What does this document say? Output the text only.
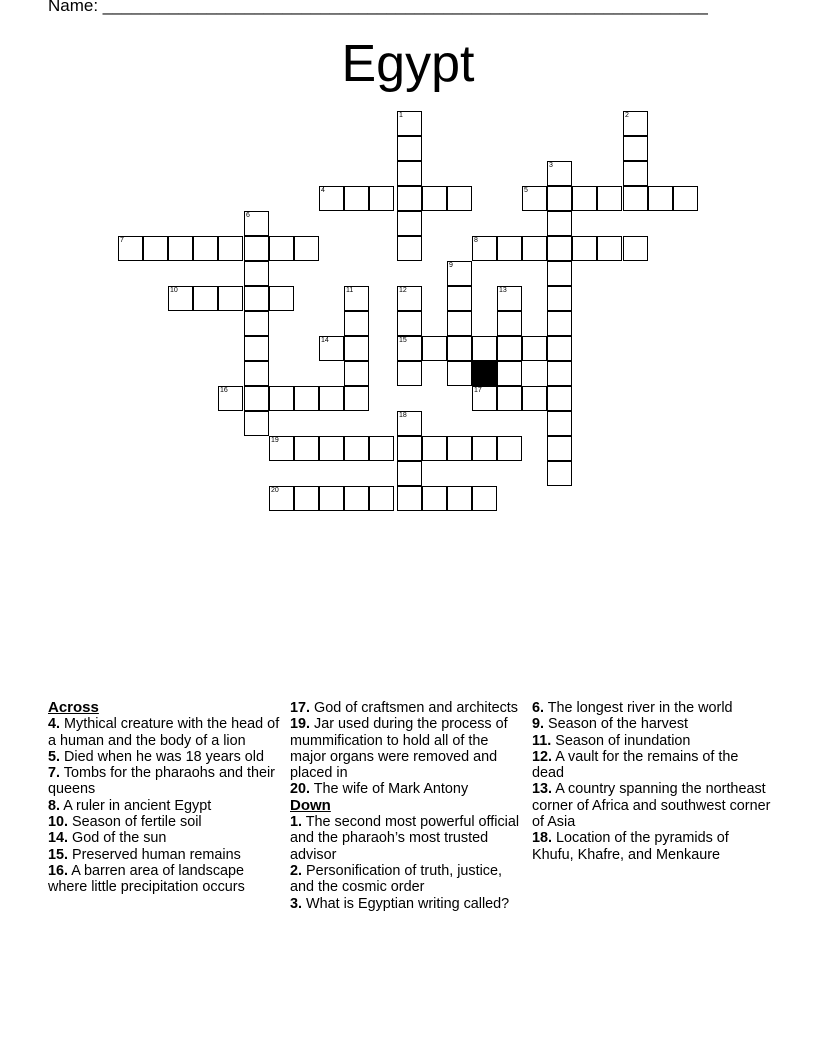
Name: ________________________________________________________________
Egypt
1	2
3
4	5
6
7	8
9
10	11	12	13
14	15
16	17
18
19
20
Across
4. Mythical creature with the head of a human and the body of a lion
5. Died when he was 18 years old
7. Tombs for the pharaohs and their queens
8. A ruler in ancient Egypt
10. Season of fertile soil
14. God of the sun
15. Preserved human remains
16. A barren area of landscape where little precipitation occurs
17. God of craftsmen and architects
19. Jar used during the process of mummification to hold all of the major organs were removed and placed in
20. The wife of Mark Antony
Down
1. The second most powerful official and the pharaoh’s most trusted advisor
2. Personification of truth, justice, and the cosmic order
3. What is Egyptian writing called?
6. The longest river in the world
9. Season of the harvest
11. Season of inundation
12. A vault for the remains of the dead
13. A country spanning the northeast corner of Africa and southwest corner of Asia
18. Location of the pyramids of Khufu, Khafre, and Menkaure
